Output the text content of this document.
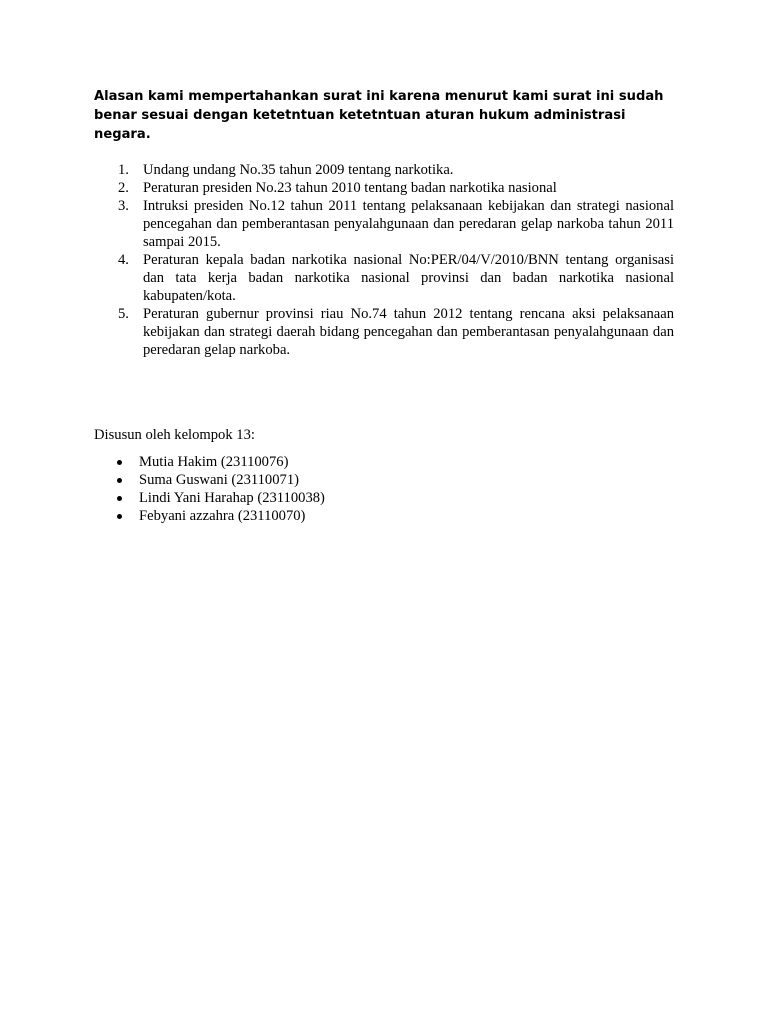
Alasan kami mempertahankan surat ini karena menurut kami surat ini sudah benar sesuai dengan ketetntuan ketetntuan aturan hukum administrasi negara.

1. Undang undang No.35 tahun 2009 tentang narkotika.
2. Peraturan presiden No.23 tahun 2010 tentang badan narkotika nasional
3. Intruksi presiden No.12 tahun 2011 tentang pelaksanaan kebijakan dan strategi nasional pencegahan dan pemberantasan penyalahgunaan dan peredaran gelap narkoba tahun 2011 sampai 2015.
4. Peraturan kepala badan narkotika nasional No:PER/04/V/2010/BNN tentang organisasi dan tata kerja badan narkotika nasional provinsi dan badan narkotika nasional kabupaten/kota.
5. Peraturan gubernur provinsi riau No.74 tahun 2012 tentang rencana aksi pelaksanaan kebijakan dan strategi daerah bidang pencegahan dan pemberantasan penyalahgunaan dan peredaran gelap narkoba.

Disusun oleh kelompok 13:

Mutia Hakim (23110076)
Suma Guswani (23110071)
Lindi Yani Harahap (23110038)
Febyani azzahra (23110070)
